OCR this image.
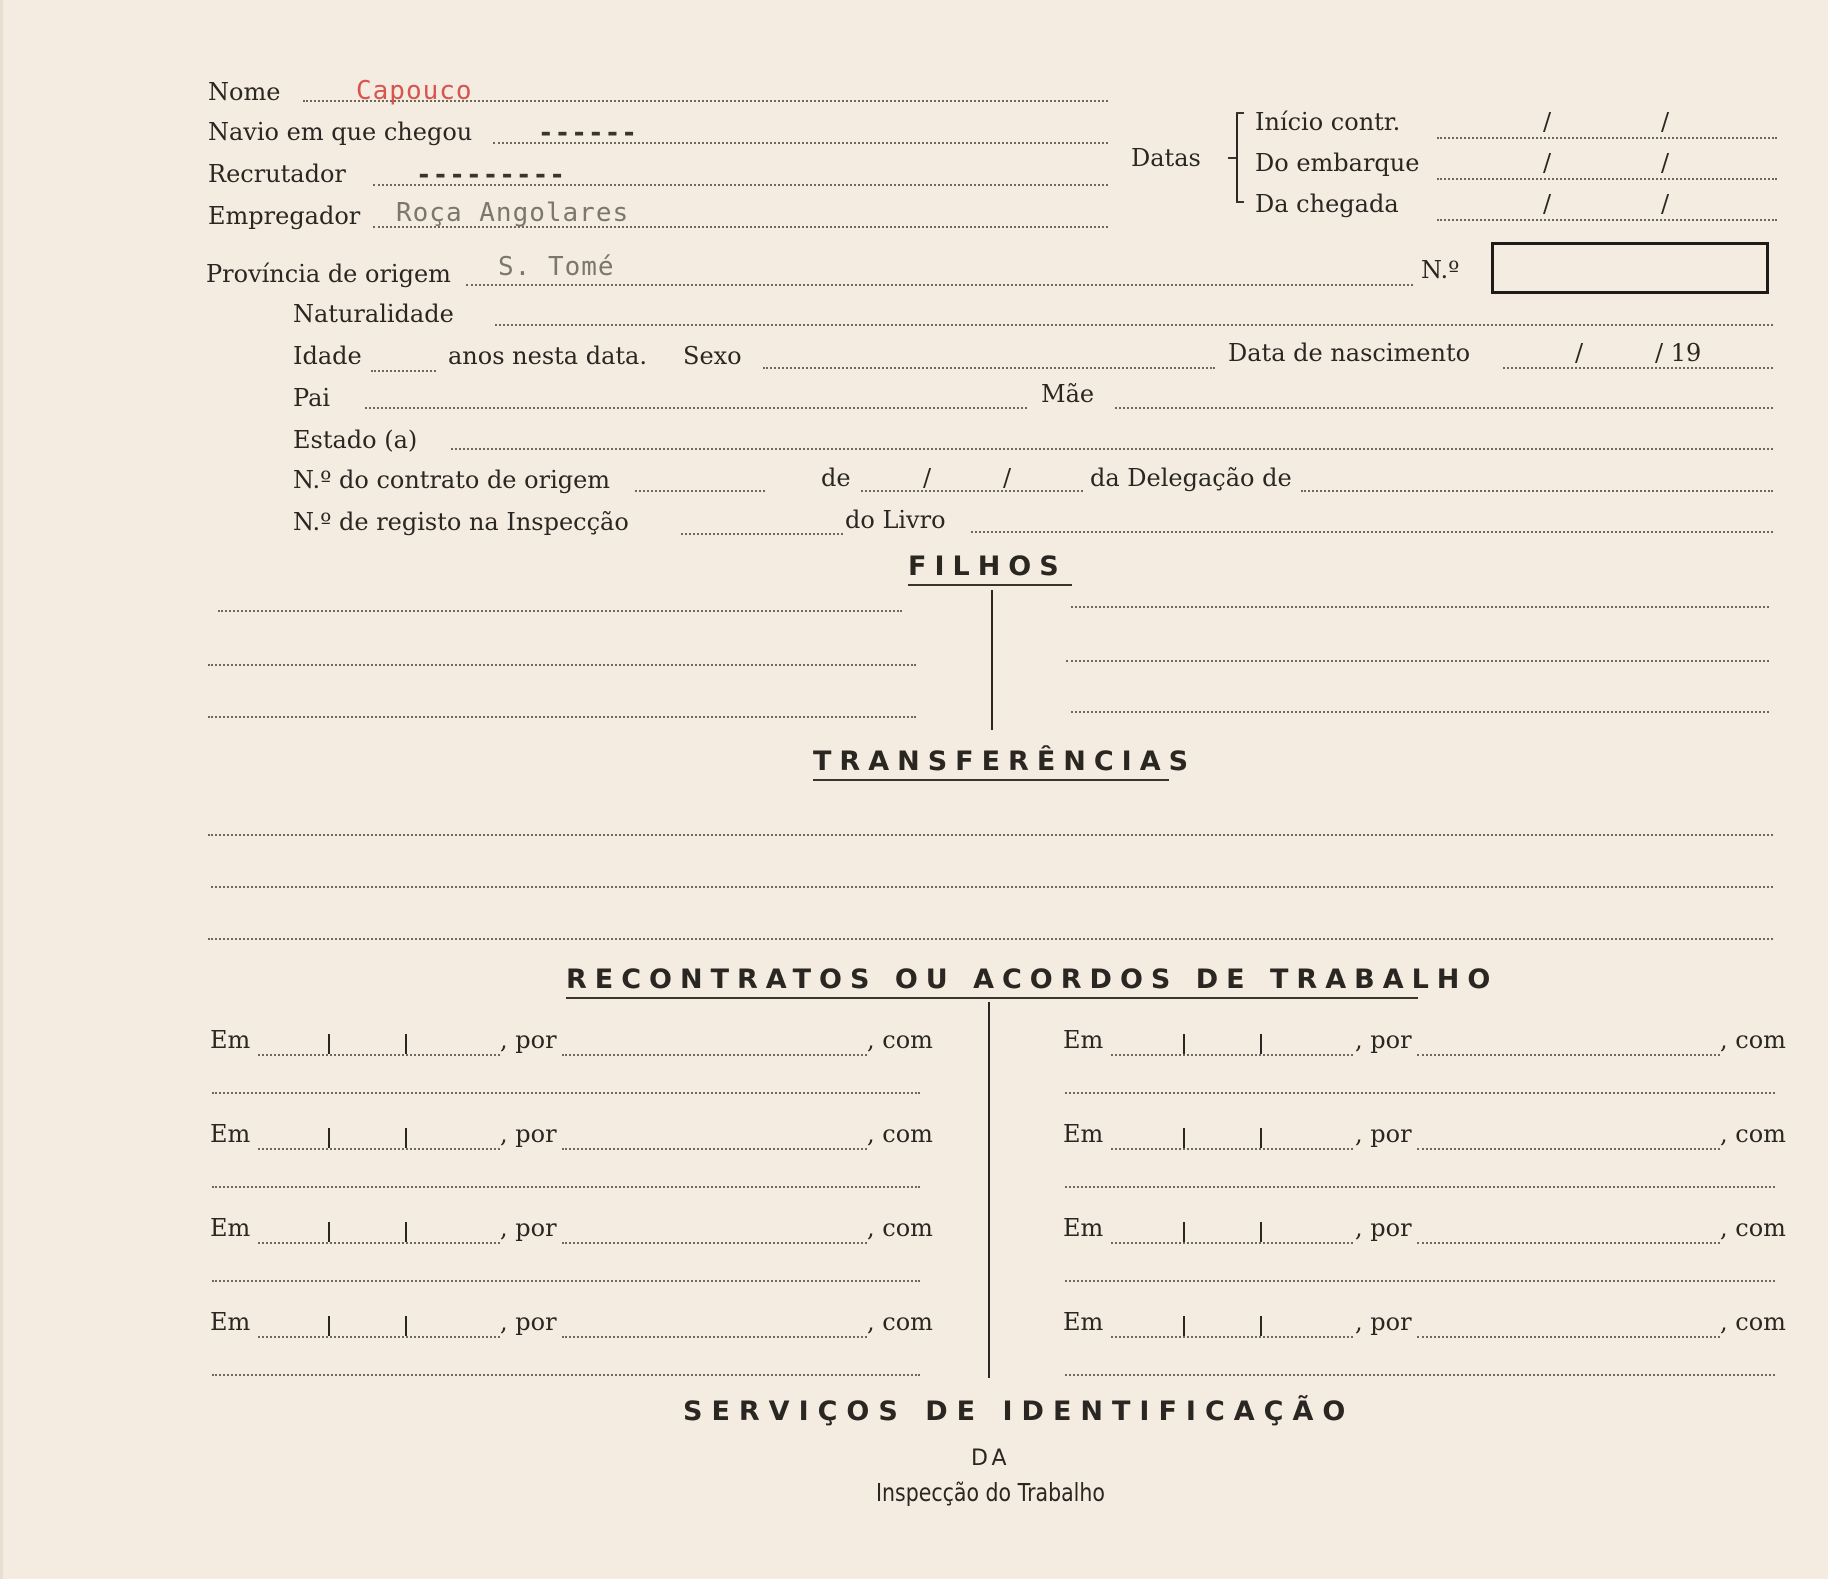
Nome	Capouco
Navio em que chegou	------
Recrutador	---------
Empregador Roça Angolares
Datas
Início contr.	/	/
Do embarque	/	/
Da chegada	/	/
Província de origem S. Tomé	N.º
Naturalidade
Idade	anos nesta data. Sexo	Data de nascimento	/	/ 19
Pai	Mãe
Estado (a)
N.º do contrato de origem	de	/	/	da Delegação de
N.º de registo na Inspecção	do Livro
FILHOS
TRANSFERÊNCIAS
RECONTRATOS OU ACORDOS DE TRABALHO
Em	, por	, com	Em	, por	, com
Em	, por	, com	Em	, por	, com
Em	, por	, com	Em	, por	, com
Em	, por	, com	Em	, por	, com
SERVIÇOS DE IDENTIFICAÇÃO
DA
Inspecção do Trabalho
